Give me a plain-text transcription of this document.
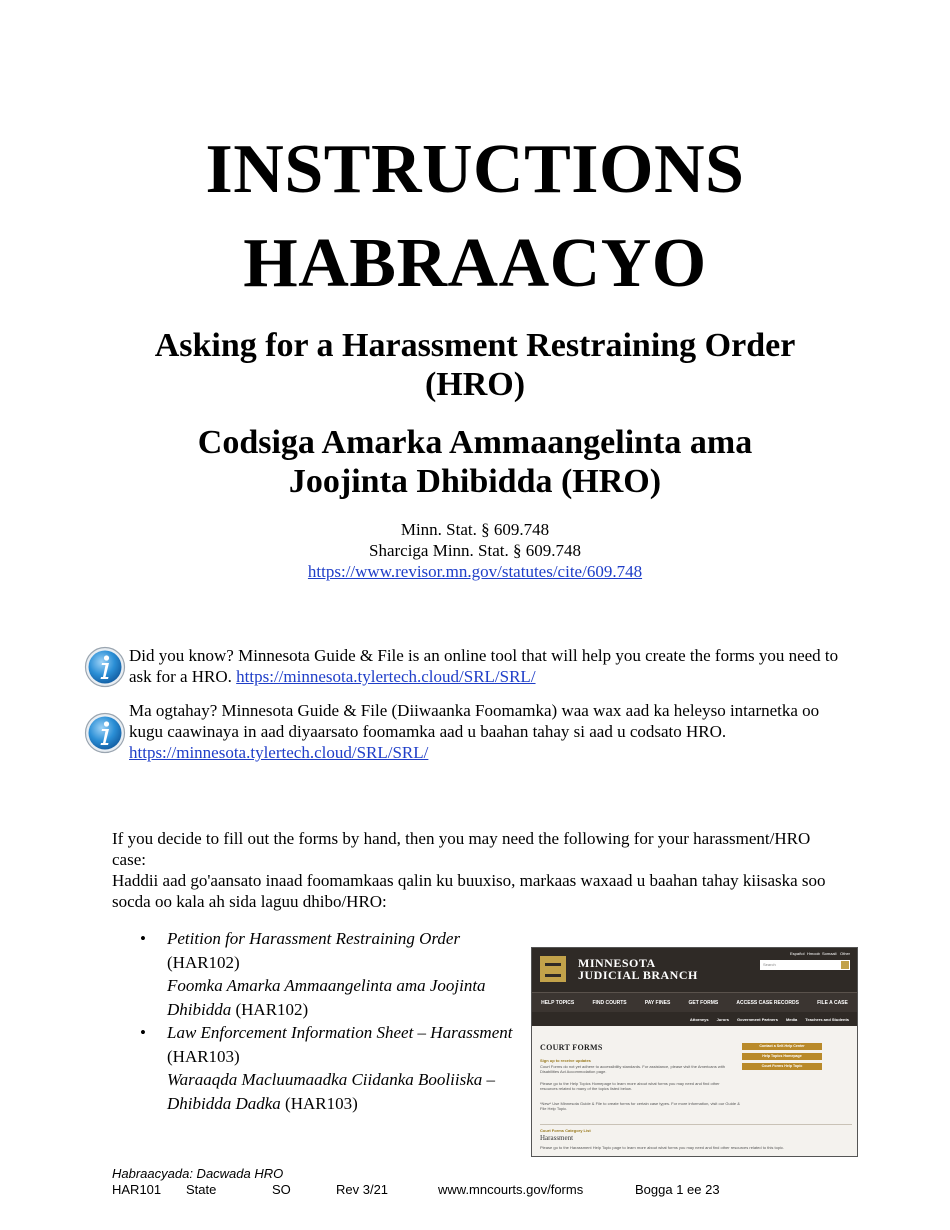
INSTRUCTIONS
HABRAACYO
Asking for a Harassment Restraining Order
(HRO)
Codsiga Amarka Ammaangelinta ama
Joojinta Dhibidda (HRO)
Minn. Stat. § 609.748
Sharciga Minn. Stat. § 609.748
https://www.revisor.mn.gov/statutes/cite/609.748
Did you know? Minnesota Guide & File is an online tool that will help you create the forms you need to ask for a HRO. https://minnesota.tylertech.cloud/SRL/SRL/
Ma ogtahay? Minnesota Guide & File (Diiwaanka Foomamka) waa wax aad ka heleyso intarnetka oo kugu caawinaya in aad diyaarsato foomamka aad u baahan tahay si aad u codsato HRO. https://minnesota.tylertech.cloud/SRL/SRL/
If you decide to fill out the forms by hand, then you may need the following for your harassment/HRO case:
Haddii aad go'aansato inaad foomamkaas qalin ku buuxiso, markaas waxaad u baahan tahay kiisaska soo socda oo kala ah sida laguu dhibo/HRO:
• Petition for Harassment Restraining Order
(HAR102)
Foomka Amarka Ammaangelinta ama Joojinta Dhibidda (HAR102)
• Law Enforcement Information Sheet – Harassment (HAR103)
Waraaqda Macluumaadka Ciidanka Booliiska – Dhibidda Dadka (HAR103)
MINNESOTA
JUDICIAL BRANCH
Español Hmoob Somaali Other
Search
HELP TOPICS	FIND COURTS	PAY FINES	GET FORMS	ACCESS CASE RECORDS	FILE A CASE
Attorneys Jurors Government Partners Media Teachers and Students
COURT FORMS
Sign up to receive updates
Court Forms do not yet adhere to accessibility standards. For assistance, please visit the Americans with Disabilities Act Accommodation page.
Please go to the Help Topics Homepage to learn more about what forms you may need and find other resources related to many of the topics listed below.
*New* Use Minnesota Guide & File to create forms for certain case types. For more information, visit our Guide & File Help Topic.
Contact a Self-Help Center
Help Topics Homepage
Court Forms Help Topic
Court Forms Category List
Harassment
Please go to the Harassment Help Topic page to learn more about what forms you may need and find other resources related to this topic.
Habraacyada: Dacwada HRO
HAR101 State	SO	Rev 3/21	www.mncourts.gov/forms	Bogga 1 ee 23
